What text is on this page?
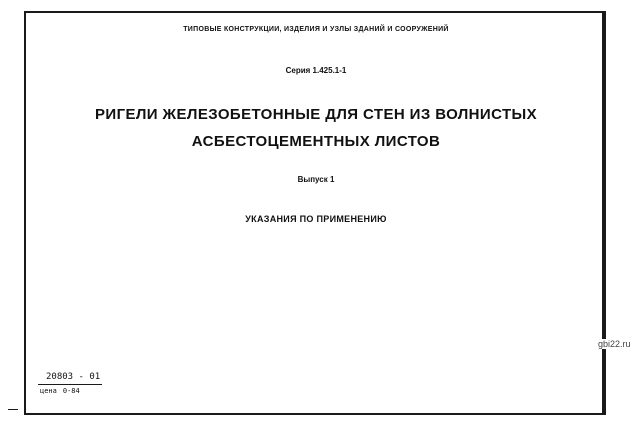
ТИПОВЫЕ КОНСТРУКЦИИ, ИЗДЕЛИЯ И УЗЛЫ ЗДАНИЙ И СООРУЖЕНИЙ
Серия 1.425.1-1
РИГЕЛИ ЖЕЛЕЗОБЕТОННЫЕ ДЛЯ СТЕН ИЗ ВОЛНИСТЫХ
АСБЕСТОЦЕМЕНТНЫХ ЛИСТОВ
Выпуск 1
УКАЗАНИЯ ПО ПРИМЕНЕНИЮ
gbi22.ru
20803 - 01
цена 0-84
